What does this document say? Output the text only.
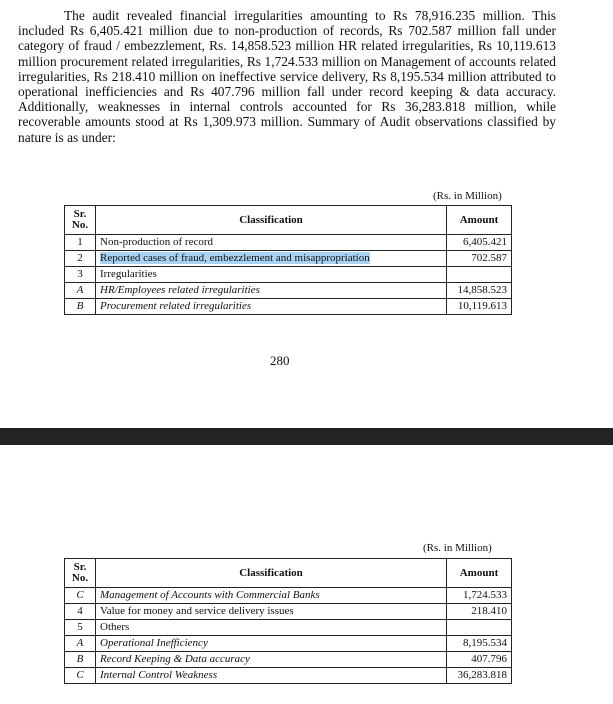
The audit revealed financial irregularities amounting to Rs 78,916.235 million. This included Rs 6,405.421 million due to non-production of records, Rs 702.587 million fall under category of fraud / embezzlement, Rs. 14,858.523 million HR related irregularities, Rs 10,119.613 million procurement related irregularities, Rs 1,724.533 million on Management of accounts related irregularities, Rs 218.410 million on ineffective service delivery, Rs 8,195.534 million attributed to operational inefficiencies and Rs 407.796 million fall under record keeping & data accuracy. Additionally, weaknesses in internal controls accounted for Rs 36,283.818 million, while recoverable amounts stood at Rs 1,309.973 million. Summary of Audit observations classified by nature is as under:

(Rs. in Million)
Sr. No.	Classification	Amount
1	Non-production of record	6,405.421
2	Reported cases of fraud, embezzlement and misappropriation	702.587
3	Irregularities	
A	HR/Employees related irregularities	14,858.523
B	Procurement related irregularities	10,119.613
280
(Rs. in Million)
Sr. No.	Classification	Amount
C	Management of Accounts with Commercial Banks	1,724.533
4	Value for money and service delivery issues	218.410
5	Others	
A	Operational Inefficiency	8,195.534
B	Record Keeping & Data accuracy	407.796
C	Internal Control Weakness	36,283.818
